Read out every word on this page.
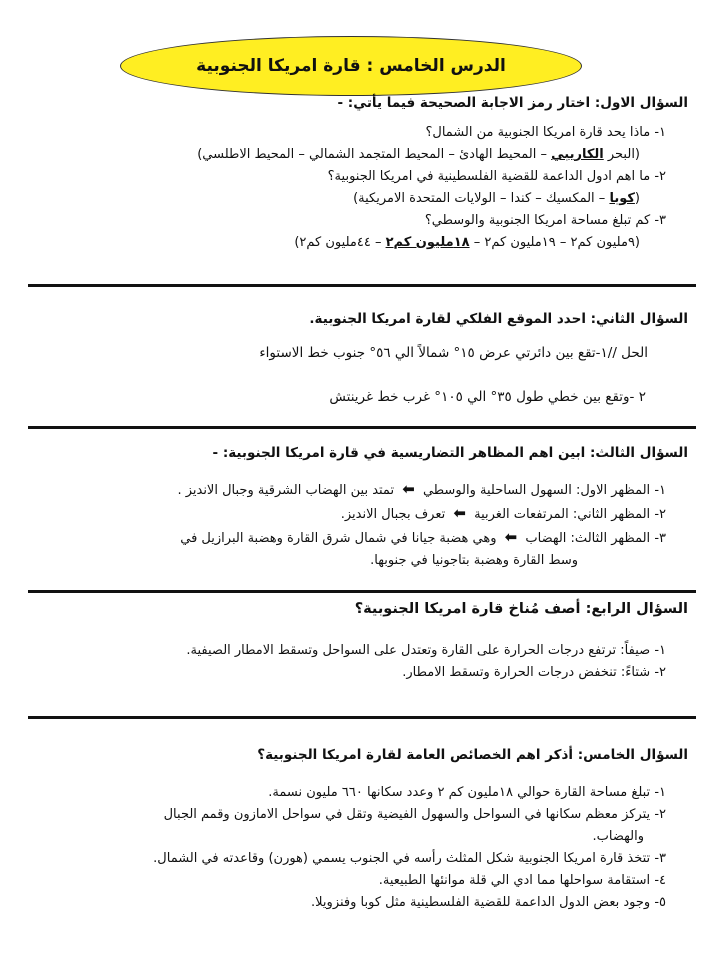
الدرس الخامس : قارة امريكا الجنوبية

السؤال الاول: اختار رمز الاجابة الصحيحة فيما يأتي: -

١- ماذا يحد قارة امريكا الجنوبية من الشمال؟

(البحر الكاريبي – المحيط الهادئ – المحيط المتجمد الشمالي – المحيط الاطلسي)

٢- ما اهم ادول الداعمة للقضية الفلسطينية في امريكا الجنوبية؟

(كوبا – المكسيك – كندا – الولايات المتحدة الامريكية)

٣- كم تبلغ مساحة امريكا الجنوبية والوسطي؟

(٩مليون كم٢ – ١٩مليون كم٢ – ١٨مليون كم٢ – ٤٤مليون كم٢)

السؤال الثاني: احدد الموقع الفلكي لقارة امريكا الجنوبية.

الحل //١-تقع بين دائرتي عرض ١٥° شمالاً الي ٥٦° جنوب خط الاستواء

٢ -وتقع بين خطي طول ٣٥° الي ١٠٥° غرب خط غرينتش

السؤال الثالث: ابين اهم المظاهر التضاريسية في قارة امريكا الجنوبية: -

١- المظهر الاول: السهول الساحلية والوسطي ⬅ تمتد بين الهضاب الشرقية وجبال الانديز .

٢- المظهر الثاني: المرتفعات الغربية ⬅ تعرف بجبال الانديز.

٣- المظهر الثالث: الهضاب ⬅ وهي هضبة جيانا في شمال شرق القارة وهضبة البرازيل في

وسط القارة وهضبة بتاجونيا في جنوبها.

السؤال الرابع: أصف مُناخ قارة امريكا الجنوبية؟

١- صيفاً: ترتفع درجات الحرارة على القارة وتعتدل على السواحل وتسقط الامطار الصيفية.

٢- شتاءً: تنخفض درجات الحرارة وتسقط الامطار.

السؤال الخامس: أذكر اهم الخصائص العامة لقارة امريكا الجنوبية؟

١- تبلغ مساحة القارة حوالي ١٨مليون كم ٢ وعدد سكانها ٦٦٠ مليون نسمة.

٢- يتركز معظم سكانها في السواحل والسهول الفيضية وتقل في سواحل الامازون وقمم الجبال

والهضاب.

٣- تتخذ قارة امريكا الجنوبية شكل المثلث رأسه في الجنوب يسمي (هورن) وقاعدته في الشمال.

٤- استقامة سواحلها مما ادي الي قلة موانئها الطبيعية.

٥- وجود بعض الدول الداعمة للقضية الفلسطينية مثل كوبا وفنزويلا.
